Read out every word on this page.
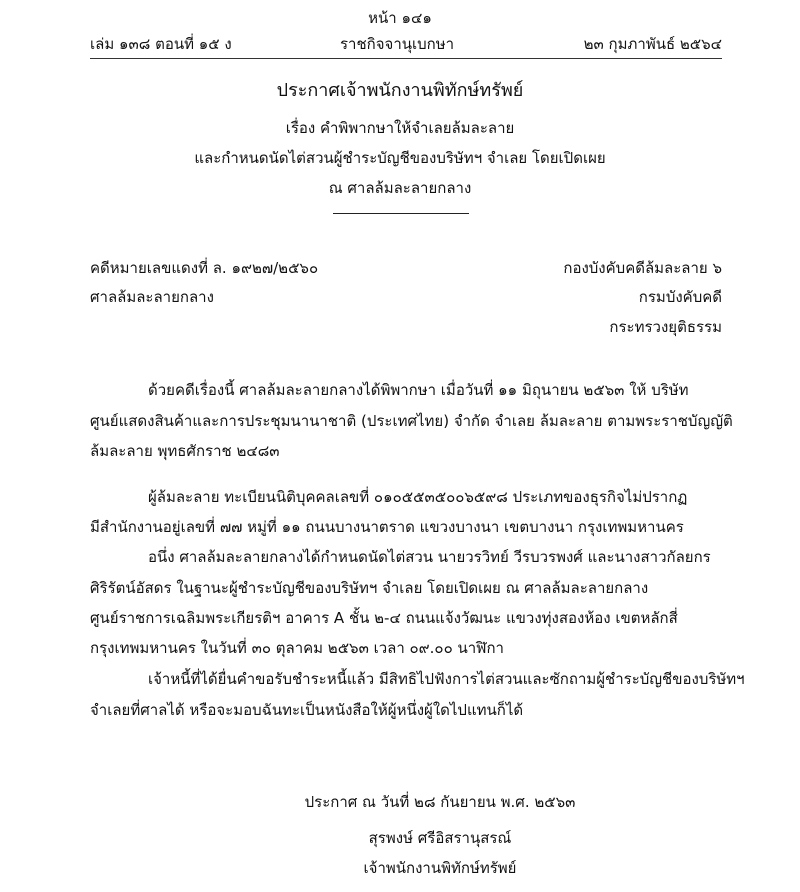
หน้า ๑๔๑
เล่ม ๑๓๘ ตอนที่ ๑๕ ง	ราชกิจจานุเบกษา	๒๓ กุมภาพันธ์ ๒๕๖๔
ประกาศเจ้าพนักงานพิทักษ์ทรัพย์
เรื่อง คำพิพากษาให้จำเลยล้มละลาย
และกำหนดนัดไต่สวนผู้ชำระบัญชีของบริษัทฯ จำเลย โดยเปิดเผย
ณ ศาลล้มละลายกลาง
คดีหมายเลขแดงที่ ล. ๑๙๒๗/๒๕๖๐
ศาลล้มละลายกลาง
กองบังคับคดีล้มละลาย ๖
กรมบังคับคดี
กระทรวงยุติธรรม
ด้วยคดีเรื่องนี้ ศาลล้มละลายกลางได้พิพากษา เมื่อวันที่ ๑๑ มิถุนายน ๒๕๖๓ ให้ บริษัท
ศูนย์แสดงสินค้าและการประชุมนานาชาติ (ประเทศไทย) จำกัด จำเลย ล้มละลาย ตามพระราชบัญญัติ
ล้มละลาย พุทธศักราช ๒๔๘๓
ผู้ล้มละลาย ทะเบียนนิติบุคคลเลขที่ ๐๑๐๕๕๓๕๐๐๖๕๙๘ ประเภทของธุรกิจไม่ปรากฏ
มีสำนักงานอยู่เลขที่ ๗๗ หมู่ที่ ๑๑ ถนนบางนาตราด แขวงบางนา เขตบางนา กรุงเทพมหานคร
อนึ่ง ศาลล้มละลายกลางได้กำหนดนัดไต่สวน นายวรวิทย์ วีรบวรพงศ์ และนางสาวกัลยกร
ศิริรัตน์อัสดร ในฐานะผู้ชำระบัญชีของบริษัทฯ จำเลย โดยเปิดเผย ณ ศาลล้มละลายกลาง
ศูนย์ราชการเฉลิมพระเกียรติฯ อาคาร A ชั้น ๒-๔ ถนนแจ้งวัฒนะ แขวงทุ่งสองห้อง เขตหลักสี่
กรุงเทพมหานคร ในวันที่ ๓๐ ตุลาคม ๒๕๖๓ เวลา ๐๙.๐๐ นาฬิกา
เจ้าหนี้ที่ได้ยื่นคำขอรับชำระหนี้แล้ว มีสิทธิไปฟังการไต่สวนและซักถามผู้ชำระบัญชีของบริษัทฯ
จำเลยที่ศาลได้ หรือจะมอบฉันทะเป็นหนังสือให้ผู้หนึ่งผู้ใดไปแทนก็ได้
ประกาศ ณ วันที่ ๒๘ กันยายน พ.ศ. ๒๕๖๓
สุรพงษ์ ศรีอิสรานุสรณ์
เจ้าพนักงานพิทักษ์ทรัพย์
